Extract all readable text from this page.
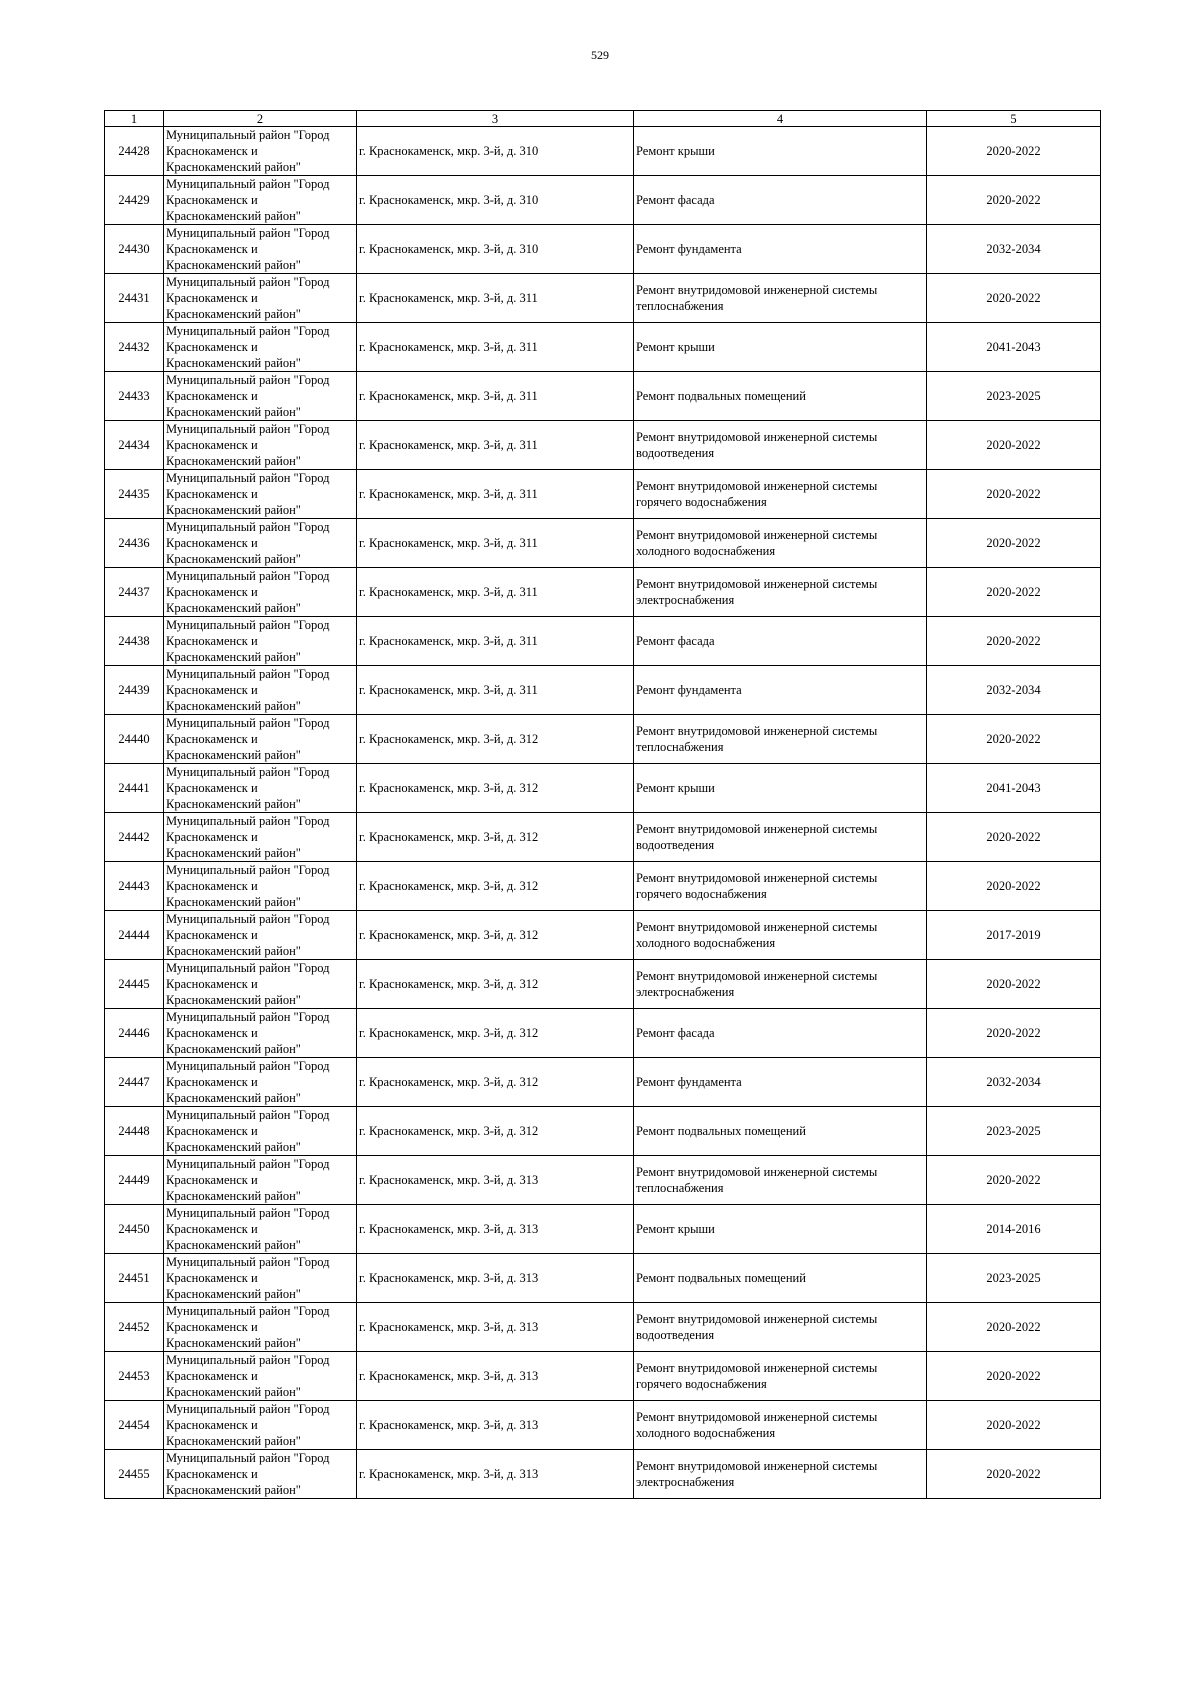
529
1	2	3	4	5
24428	Муниципальный район "Город Краснокаменск и Краснокаменский район"	г. Краснокаменск, мкр. 3-й, д. 310	Ремонт крыши	2020-2022
24429	Муниципальный район "Город Краснокаменск и Краснокаменский район"	г. Краснокаменск, мкр. 3-й, д. 310	Ремонт фасада	2020-2022
24430	Муниципальный район "Город Краснокаменск и Краснокаменский район"	г. Краснокаменск, мкр. 3-й, д. 310	Ремонт фундамента	2032-2034
24431	Муниципальный район "Город Краснокаменск и Краснокаменский район"	г. Краснокаменск, мкр. 3-й, д. 311	Ремонт внутридомовой инженерной системы теплоснабжения	2020-2022
24432	Муниципальный район "Город Краснокаменск и Краснокаменский район"	г. Краснокаменск, мкр. 3-й, д. 311	Ремонт крыши	2041-2043
24433	Муниципальный район "Город Краснокаменск и Краснокаменский район"	г. Краснокаменск, мкр. 3-й, д. 311	Ремонт подвальных помещений	2023-2025
24434	Муниципальный район "Город Краснокаменск и Краснокаменский район"	г. Краснокаменск, мкр. 3-й, д. 311	Ремонт внутридомовой инженерной системы водоотведения	2020-2022
24435	Муниципальный район "Город Краснокаменск и Краснокаменский район"	г. Краснокаменск, мкр. 3-й, д. 311	Ремонт внутридомовой инженерной системы горячего водоснабжения	2020-2022
24436	Муниципальный район "Город Краснокаменск и Краснокаменский район"	г. Краснокаменск, мкр. 3-й, д. 311	Ремонт внутридомовой инженерной системы холодного водоснабжения	2020-2022
24437	Муниципальный район "Город Краснокаменск и Краснокаменский район"	г. Краснокаменск, мкр. 3-й, д. 311	Ремонт внутридомовой инженерной системы электроснабжения	2020-2022
24438	Муниципальный район "Город Краснокаменск и Краснокаменский район"	г. Краснокаменск, мкр. 3-й, д. 311	Ремонт фасада	2020-2022
24439	Муниципальный район "Город Краснокаменск и Краснокаменский район"	г. Краснокаменск, мкр. 3-й, д. 311	Ремонт фундамента	2032-2034
24440	Муниципальный район "Город Краснокаменск и Краснокаменский район"	г. Краснокаменск, мкр. 3-й, д. 312	Ремонт внутридомовой инженерной системы теплоснабжения	2020-2022
24441	Муниципальный район "Город Краснокаменск и Краснокаменский район"	г. Краснокаменск, мкр. 3-й, д. 312	Ремонт крыши	2041-2043
24442	Муниципальный район "Город Краснокаменск и Краснокаменский район"	г. Краснокаменск, мкр. 3-й, д. 312	Ремонт внутридомовой инженерной системы водоотведения	2020-2022
24443	Муниципальный район "Город Краснокаменск и Краснокаменский район"	г. Краснокаменск, мкр. 3-й, д. 312	Ремонт внутридомовой инженерной системы горячего водоснабжения	2020-2022
24444	Муниципальный район "Город Краснокаменск и Краснокаменский район"	г. Краснокаменск, мкр. 3-й, д. 312	Ремонт внутридомовой инженерной системы холодного водоснабжения	2017-2019
24445	Муниципальный район "Город Краснокаменск и Краснокаменский район"	г. Краснокаменск, мкр. 3-й, д. 312	Ремонт внутридомовой инженерной системы электроснабжения	2020-2022
24446	Муниципальный район "Город Краснокаменск и Краснокаменский район"	г. Краснокаменск, мкр. 3-й, д. 312	Ремонт фасада	2020-2022
24447	Муниципальный район "Город Краснокаменск и Краснокаменский район"	г. Краснокаменск, мкр. 3-й, д. 312	Ремонт фундамента	2032-2034
24448	Муниципальный район "Город Краснокаменск и Краснокаменский район"	г. Краснокаменск, мкр. 3-й, д. 312	Ремонт подвальных помещений	2023-2025
24449	Муниципальный район "Город Краснокаменск и Краснокаменский район"	г. Краснокаменск, мкр. 3-й, д. 313	Ремонт внутридомовой инженерной системы теплоснабжения	2020-2022
24450	Муниципальный район "Город Краснокаменск и Краснокаменский район"	г. Краснокаменск, мкр. 3-й, д. 313	Ремонт крыши	2014-2016
24451	Муниципальный район "Город Краснокаменск и Краснокаменский район"	г. Краснокаменск, мкр. 3-й, д. 313	Ремонт подвальных помещений	2023-2025
24452	Муниципальный район "Город Краснокаменск и Краснокаменский район"	г. Краснокаменск, мкр. 3-й, д. 313	Ремонт внутридомовой инженерной системы водоотведения	2020-2022
24453	Муниципальный район "Город Краснокаменск и Краснокаменский район"	г. Краснокаменск, мкр. 3-й, д. 313	Ремонт внутридомовой инженерной системы горячего водоснабжения	2020-2022
24454	Муниципальный район "Город Краснокаменск и Краснокаменский район"	г. Краснокаменск, мкр. 3-й, д. 313	Ремонт внутридомовой инженерной системы холодного водоснабжения	2020-2022
24455	Муниципальный район "Город Краснокаменск и Краснокаменский район"	г. Краснокаменск, мкр. 3-й, д. 313	Ремонт внутридомовой инженерной системы электроснабжения	2020-2022
